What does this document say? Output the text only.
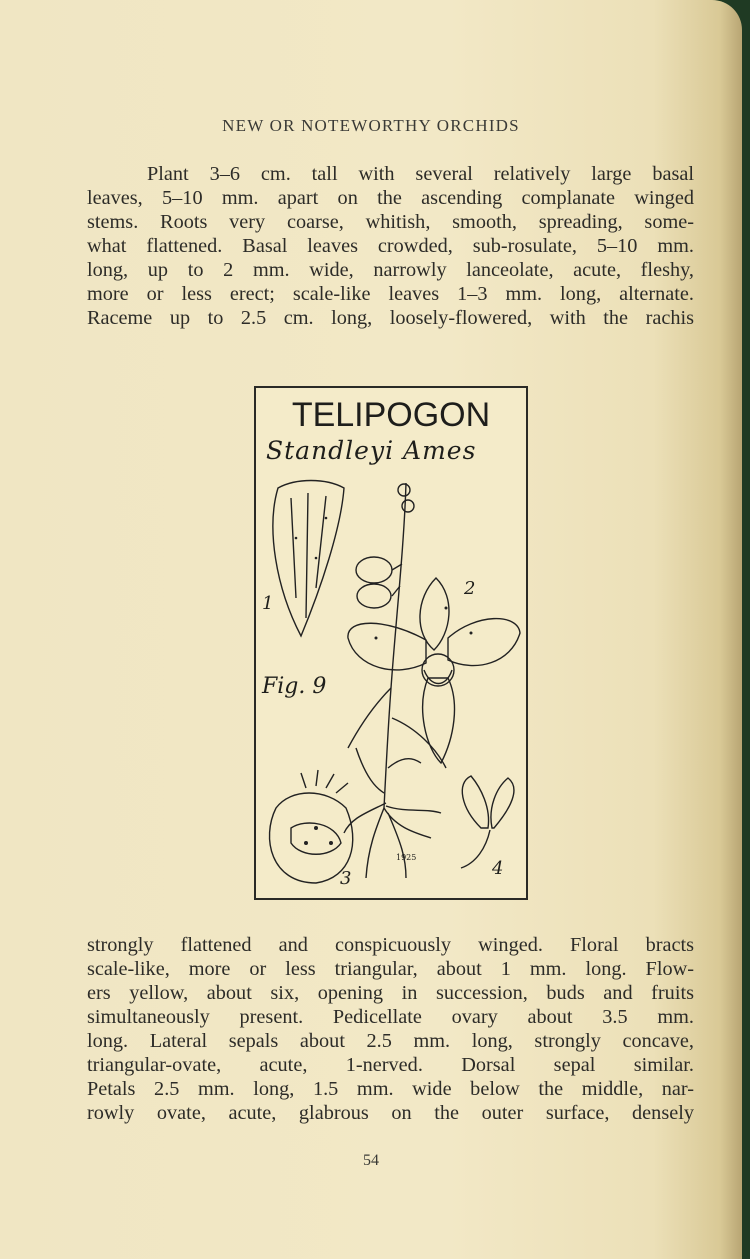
NEW OR NOTEWORTHY ORCHIDS
Plant 3–6 cm. tall with several relatively large basal
leaves, 5–10 mm. apart on the ascending complanate winged
stems. Roots very coarse, whitish, smooth, spreading, some-
what flattened. Basal leaves crowded, sub-rosulate, 5–10 mm.
long, up to 2 mm. wide, narrowly lanceolate, acute, fleshy,
more or less erect; scale-like leaves 1–3 mm. long, alternate.
Raceme up to 2.5 cm. long, loosely-flowered, with the rachis
TELIPOGON
Standleyi Ames
Fig. 9
1
2
3	4
1925
strongly flattened and conspicuously winged. Floral bracts
scale-like, more or less triangular, about 1 mm. long. Flow-
ers yellow, about six, opening in succession, buds and fruits
simultaneously present. Pedicellate ovary about 3.5 mm.
long. Lateral sepals about 2.5 mm. long, strongly concave,
triangular-ovate, acute, 1-nerved. Dorsal sepal similar.
Petals 2.5 mm. long, 1.5 mm. wide below the middle, nar-
rowly ovate, acute, glabrous on the outer surface, densely
54
